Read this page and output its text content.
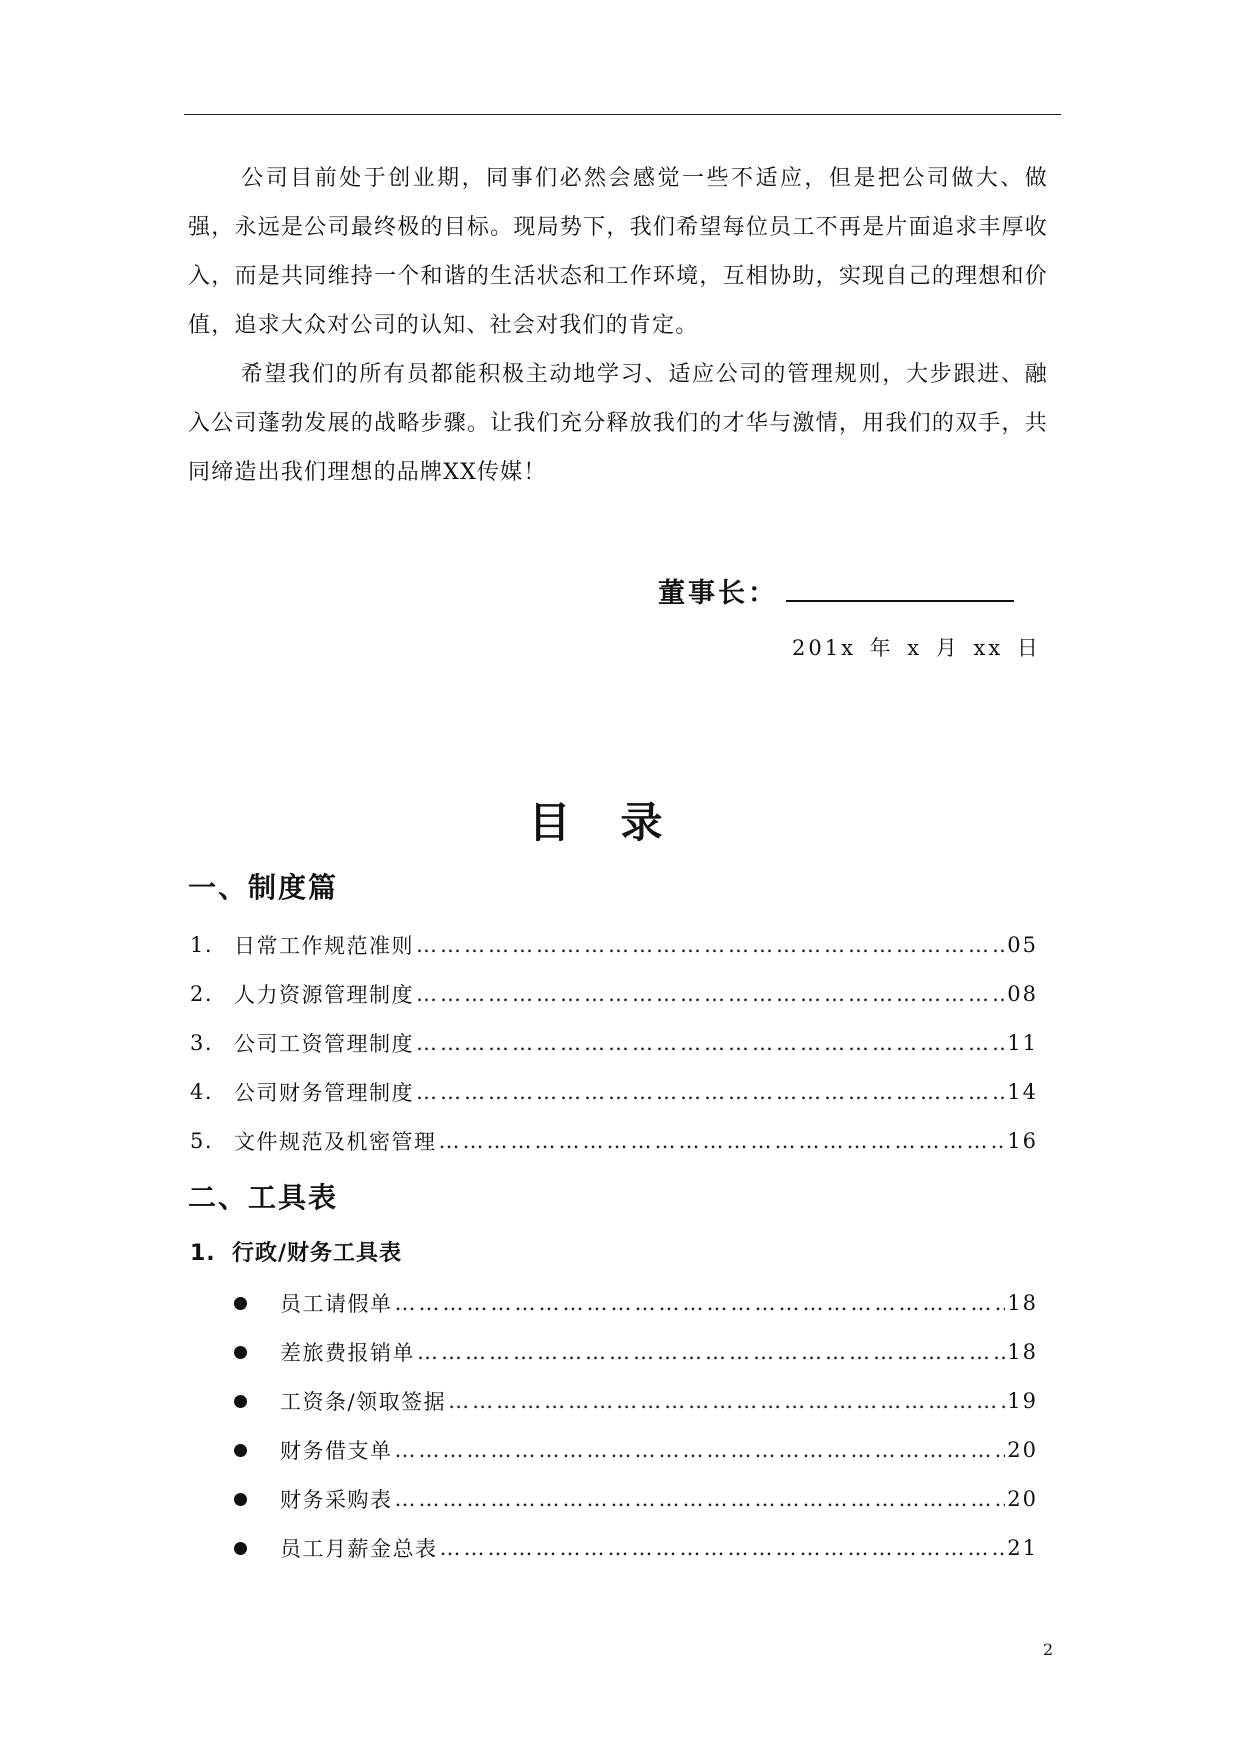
公司目前处于创业期，同事们必然会感觉一些不适应，但是把公司做大、做强，永远是公司最终极的目标。现局势下，我们希望每位员工不再是片面追求丰厚收入，而是共同维持一个和谐的生活状态和工作环境，互相协助，实现自己的理想和价值，追求大众对公司的认知、社会对我们的肯定。

希望我们的所有员都能积极主动地学习、适应公司的管理规则，大步跟进、融入公司蓬勃发展的战略步骤。让我们充分释放我们的才华与激情，用我们的双手，共同缔造出我们理想的品牌XX传媒！

董事长：
201x 年 x 月 xx 日
目录
一、制度篇
1. 日常工作规范准则 …………………………………………………………………………………………………………………………………………………………	05
2. 人力资源管理制度 …………………………………………………………………………………………………………………………………………………………	08
3. 公司工资管理制度 …………………………………………………………………………………………………………………………………………………………	11
4. 公司财务管理制度 …………………………………………………………………………………………………………………………………………………………	14
5. 文件规范及机密管理 …………………………………………………………………………………………………………………………………………………………	16
二、工具表
1. 行政/财务工具表
员工请假单 …………………………………………………………………………………………………………………………………………………………	18
差旅费报销单 …………………………………………………………………………………………………………………………………………………………	18
工资条/领取签据 …………………………………………………………………………………………………………………………………………………………	19
财务借支单 …………………………………………………………………………………………………………………………………………………………	20
财务采购表 …………………………………………………………………………………………………………………………………………………………	20
员工月薪金总表 …………………………………………………………………………………………………………………………………………………………	21
2
